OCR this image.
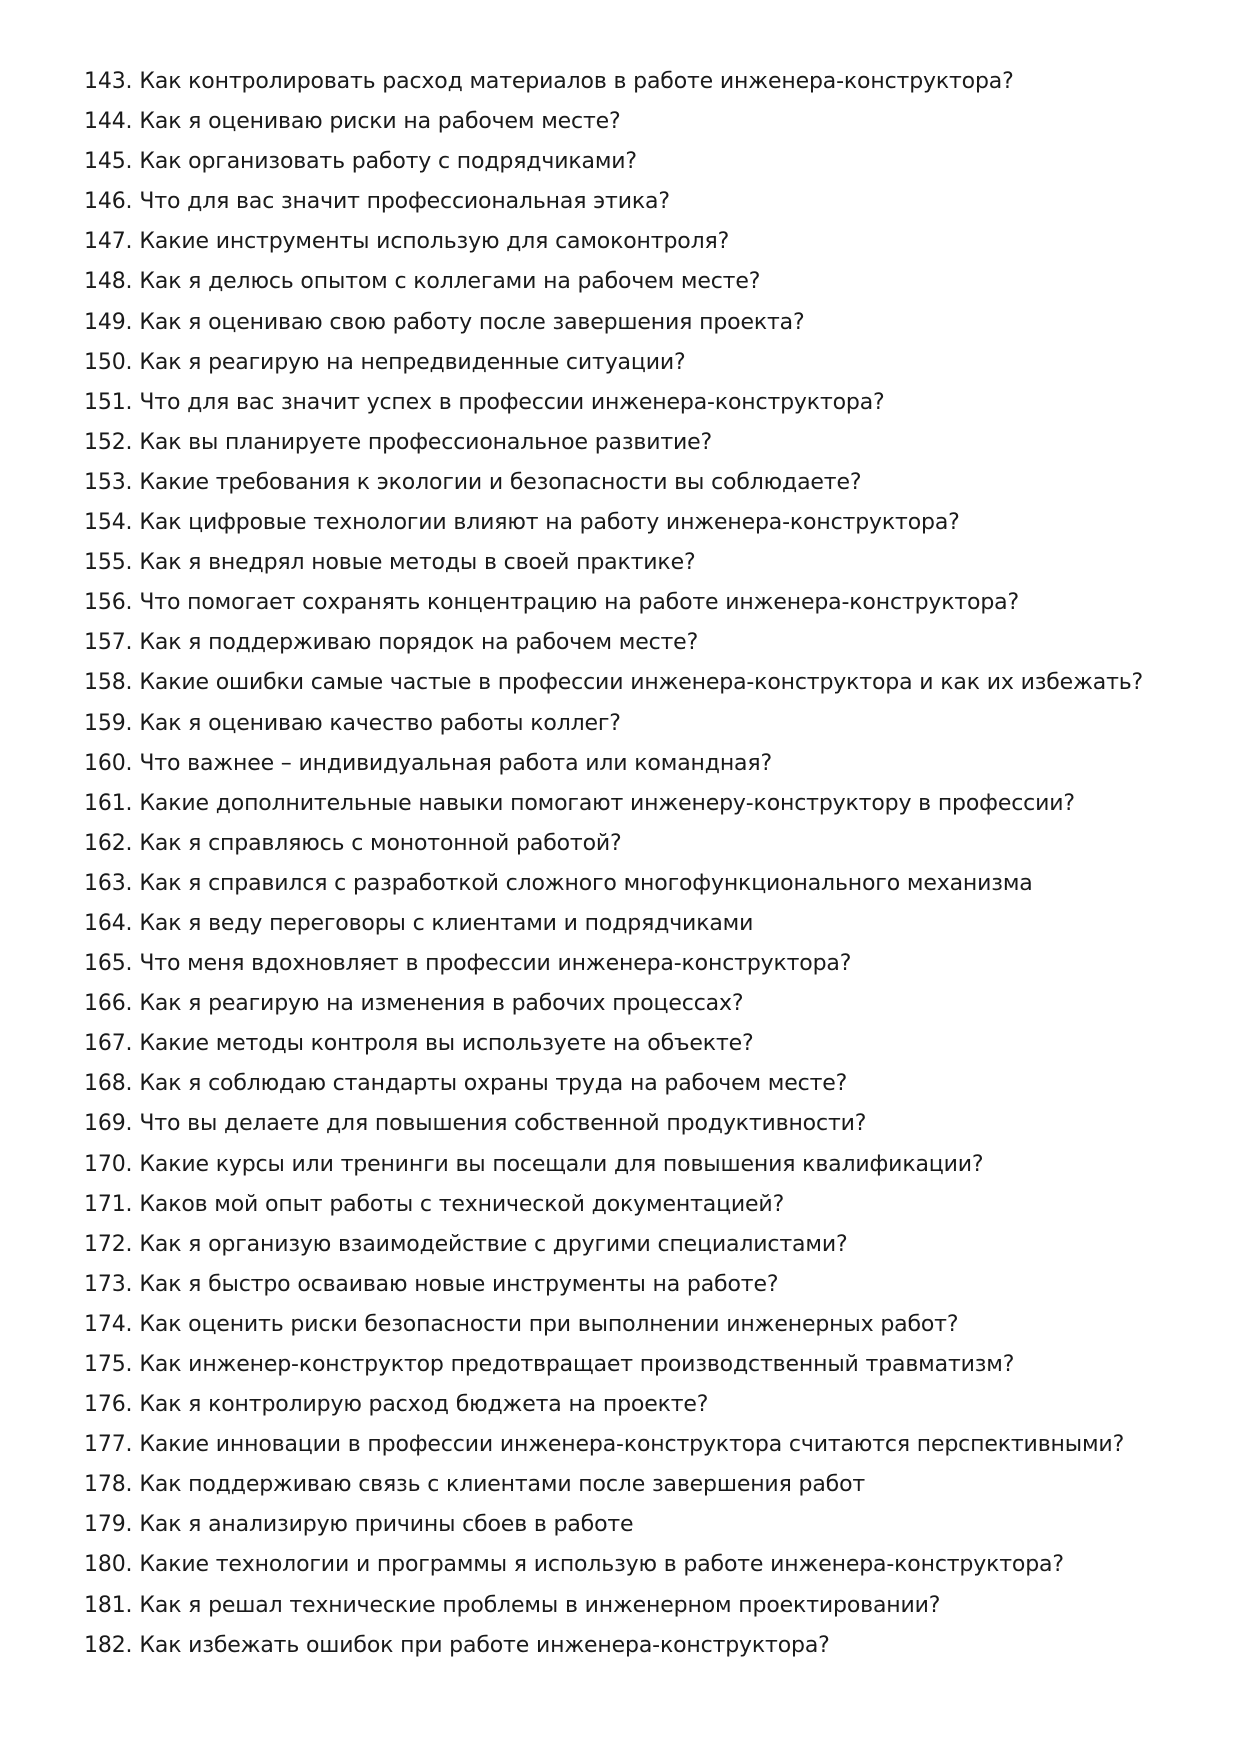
143. Как контролировать расход материалов в работе инженера-конструктора?
144. Как я оцениваю риски на рабочем месте?
145. Как организовать работу с подрядчиками?
146. Что для вас значит профессиональная этика?
147. Какие инструменты использую для самоконтроля?
148. Как я делюсь опытом с коллегами на рабочем месте?
149. Как я оцениваю свою работу после завершения проекта?
150. Как я реагирую на непредвиденные ситуации?
151. Что для вас значит успех в профессии инженера-конструктора?
152. Как вы планируете профессиональное развитие?
153. Какие требования к экологии и безопасности вы соблюдаете?
154. Как цифровые технологии влияют на работу инженера-конструктора?
155. Как я внедрял новые методы в своей практике?
156. Что помогает сохранять концентрацию на работе инженера-конструктора?
157. Как я поддерживаю порядок на рабочем месте?
158. Какие ошибки самые частые в профессии инженера-конструктора и как их избежать?
159. Как я оцениваю качество работы коллег?
160. Что важнее – индивидуальная работа или командная?
161. Какие дополнительные навыки помогают инженеру-конструктору в профессии?
162. Как я справляюсь с монотонной работой?
163. Как я справился с разработкой сложного многофункционального механизма
164. Как я веду переговоры с клиентами и подрядчиками
165. Что меня вдохновляет в профессии инженера-конструктора?
166. Как я реагирую на изменения в рабочих процессах?
167. Какие методы контроля вы используете на объекте?
168. Как я соблюдаю стандарты охраны труда на рабочем месте?
169. Что вы делаете для повышения собственной продуктивности?
170. Какие курсы или тренинги вы посещали для повышения квалификации?
171. Каков мой опыт работы с технической документацией?
172. Как я организую взаимодействие с другими специалистами?
173. Как я быстро осваиваю новые инструменты на работе?
174. Как оценить риски безопасности при выполнении инженерных работ?
175. Как инженер-конструктор предотвращает производственный травматизм?
176. Как я контролирую расход бюджета на проекте?
177. Какие инновации в профессии инженера-конструктора считаются перспективными?
178. Как поддерживаю связь с клиентами после завершения работ
179. Как я анализирую причины сбоев в работе
180. Какие технологии и программы я использую в работе инженера-конструктора?
181. Как я решал технические проблемы в инженерном проектировании?
182. Как избежать ошибок при работе инженера-конструктора?
